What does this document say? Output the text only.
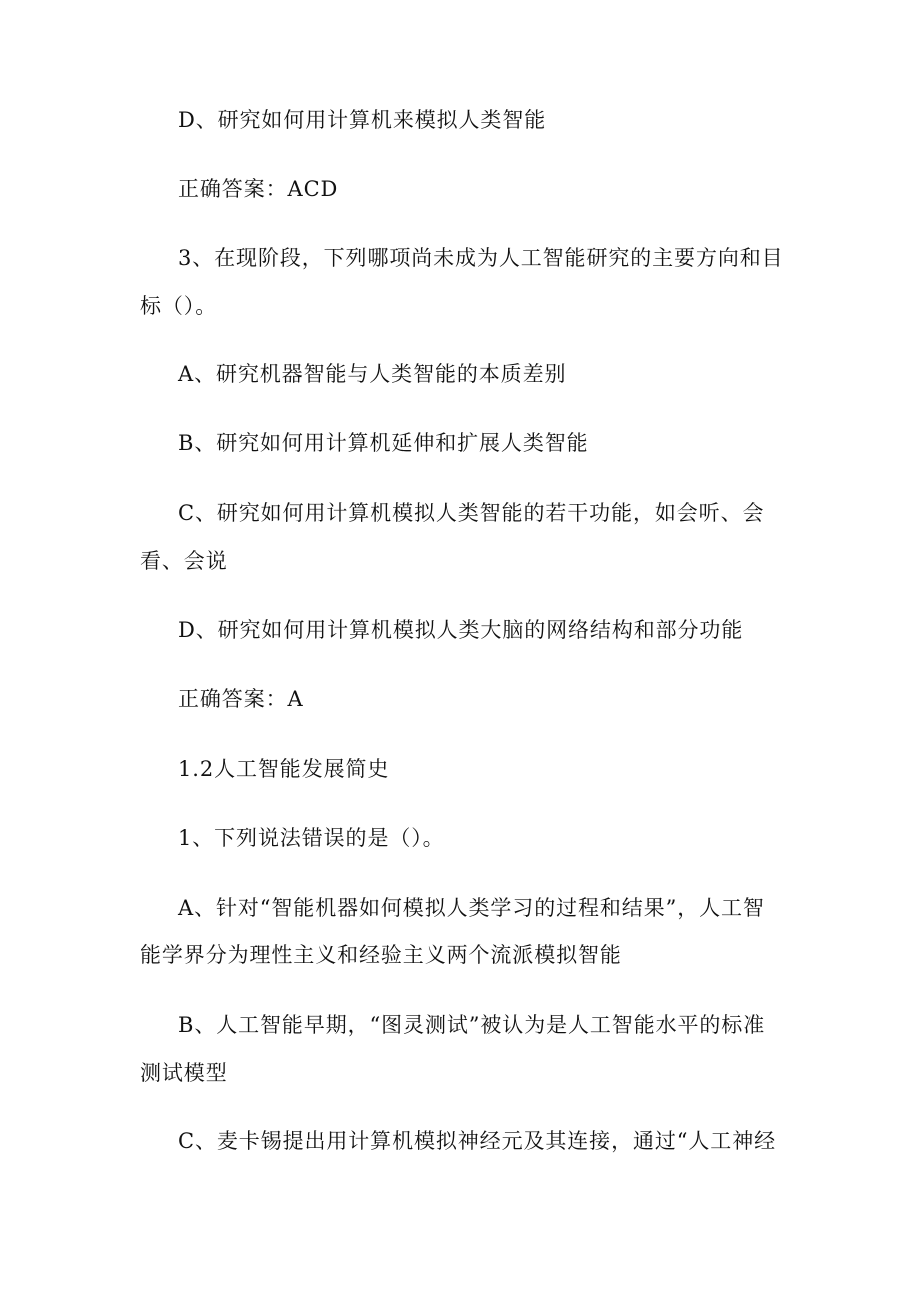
D、研究如何用计算机来模拟人类智能
正确答案：ACD
3、在现阶段，下列哪项尚未成为人工智能研究的主要方向和目
标（）。
A、研究机器智能与人类智能的本质差别
B、研究如何用计算机延伸和扩展人类智能
C、研究如何用计算机模拟人类智能的若干功能，如会听、会
看、会说
D、研究如何用计算机模拟人类大脑的网络结构和部分功能
正确答案：A
1.2人工智能发展简史
1、下列说法错误的是（）。
A、针对“智能机器如何模拟人类学习的过程和结果”，人工智
能学界分为理性主义和经验主义两个流派模拟智能
B、人工智能早期，“图灵测试”被认为是人工智能水平的标准
测试模型
C、麦卡锡提出用计算机模拟神经元及其连接，通过“人工神经
